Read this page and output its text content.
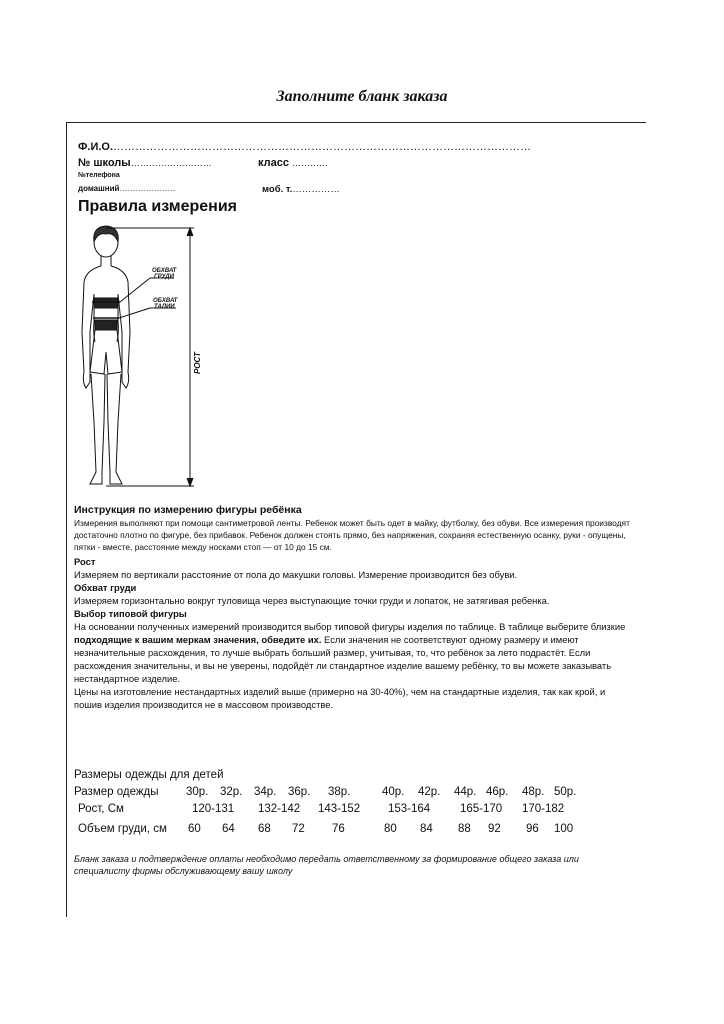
Заполните бланк заказа
Ф.И.О.……………………………………………………………………………………………………
№ школы………………………	класс …………
№телефона
домашний…………………	моб. т.……………
Правила измерения
ОБХВАТ
ГРУДИ
ОБХВАТ
ТАЛИИ
РОСТ

Инструкция по измерению фигуры ребёнка

Измерения выполняют при помощи сантиметровой ленты. Ребенок может быть одет в майку, футболку, без обуви. Все измерения производят достаточно плотно по фигуре, без прибавок. Ребенок должен стоять прямо, без напряжения, сохраняя естественную осанку, руки - опущены, пятки - вместе, расстояние между носками стоп — от 10 до 15 см.

Рост

Измеряем по вертикали расстояние от пола до макушки головы. Измерение производится без обуви.

Обхват груди

Измеряем горизонтально вокруг туловища через выступающие точки груди и лопаток, не затягивая ребенка.

Выбор типовой фигуры

На основании полученных измерений производится выбор типовой фигуры изделия по таблице. В таблице выберите близкие подходящие к вашим меркам значения, обведите их. Если значения не соответствуют одному размеру и имеют незначительные расхождения, то лучше выбрать больший размер, учитывая, то, что ребёнок за лето подрастёт. Если расхождения значительны, и вы не уверены, подойдёт ли стандартное изделие вашему ребёнку, то вы можете заказывать нестандартное изделие.

Цены на изготовление нестандартных изделий выше (примерно на 30-40%), чем на стандартные изделия, так как крой, и пошив изделия производится не в массовом производстве.

Размеры одежды для детей
Размер одежды 30р. 32р. 34р. 36р. 38р.	40р. 42р. 44р. 46р. 48р. 50р.
Рост, См	120-131 132-142 143-152 153-164	165-170 170-182
Объем груди, см 60 64 68 72 76	80 84 88 92 96 100
Бланк заказа и подтверждение оплаты необходимо передать ответственному за формирование общего заказа или специалисту фирмы обслуживающему вашу школу
